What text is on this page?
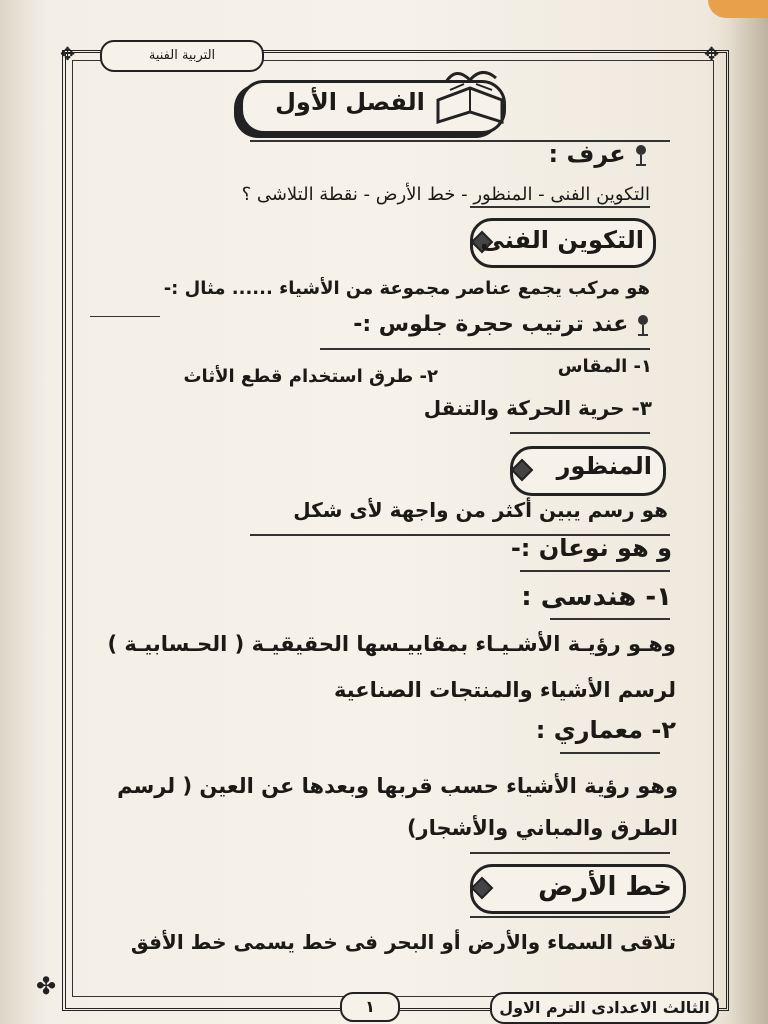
✥	✥
✤
التربية الفنية
الفصل الأول
عرف :
التكوين الفنى - المنظور - خط الأرض - نقطة التلاشى ؟
التكوين الفنى
هو مركب يجمع عناصر مجموعة من الأشياء ...... مثال :-
عند ترتيب حجرة جلوس :-
١- المقاس
٢- طرق استخدام قطع الأثاث
٣- حرية الحركة والتنقل
المنظور
هو رسم يبين أكثر من واجهة لأى شكل
و هو نوعان :-
١- هندسى :
وهـو رؤيـة الأشـيـاء بمقاييـسها الحقيقيـة ( الحـسابيـة )
لرسم الأشياء والمنتجات الصناعية
٢- معماري :
وهو رؤية الأشياء حسب قربها وبعدها عن العين ( لرسم
الطرق والمباني والأشجار)
خط الأرض
تلاقى السماء والأرض أو البحر فى خط يسمى خط الأفق
١	الثالث الاعدادى الترم الاول
